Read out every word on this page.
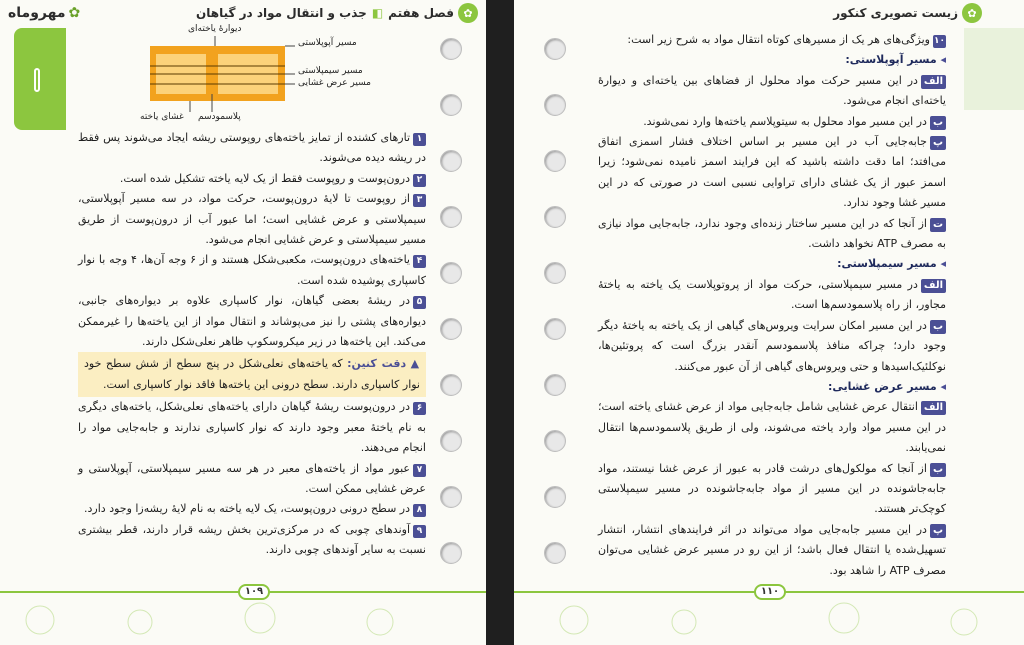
✿
فصل هفتم
◧
جذب و انتقال مواد در گیاهان
✿
مهروماه
دیوارهٔ یاخته‌ای
مسیر آپوپلاستی
مسیر سیمپلاستی
مسیر عرض غشایی
غشای یاخته پلاسمودسم

۱تارهای کشنده از تمایز یاخته‌های روپوستی ریشه ایجاد می‌شوند پس فقط در ریشه دیده می‌شوند.

۲درون‌پوست و روپوست فقط از یک لایه یاخته تشکیل شده است.

۳از روپوست تا لایهٔ درون‌پوست، حرکت مواد، در سه مسیر آپوپلاستی، سیمپلاستی و عرض غشایی است؛ اما عبور آب از درون‌پوست از طریق مسیر سیمپلاستی و عرض غشایی انجام می‌شود.

۴یاخته‌های درون‌پوست، مکعبی‌شکل هستند و از ۶ وجه آن‌ها، ۴ وجه با نوار کاسپاری پوشیده شده است.

۵در ریشهٔ بعضی گیاهان، نوار کاسپاری علاوه بر دیواره‌های جانبی، دیواره‌های پشتی را نیز می‌پوشاند و انتقال مواد از این یاخته‌ها را غیرممکن می‌کند. این یاخته‌ها در زیر میکروسکوپ ظاهر نعلی‌شکل دارند.

▲ دقت کنین: که یاخته‌های نعلی‌شکل در پنج سطح از شش سطح خود نوار کاسپاری دارند. سطح درونی این یاخته‌ها فاقد نوار کاسپاری است.

۶در درون‌پوست ریشهٔ گیاهان دارای یاخته‌های نعلی‌شکل، یاخته‌های دیگری به نام یاختهٔ معبر وجود دارند که نوار کاسپاری ندارند و جابه‌جایی مواد را انجام می‌دهند.

۷عبور مواد از یاخته‌های معبر در هر سه مسیر سیمپلاستی، آپوپلاستی و عرض غشایی ممکن است.

۸در سطح درونی درون‌پوست، یک لایه یاخته به نام لایهٔ ریشه‌زا وجود دارد.

۹آوندهای چوبی که در مرکزی‌ترین بخش ریشه قرار دارند، قطر بیشتری نسبت به سایر آوندهای چوبی دارند.

۱۰۹
✿
زیست تصویری کنکور

۱۰ویژگی‌های هر یک از مسیرهای کوتاه انتقال مواد به شرح زیر است:

◂ مسیر آپوپلاستی:

الفدر این مسیر حرکت مواد محلول از فضاهای بین یاخته‌ای و دیوارهٔ یاخته‌ای انجام می‌شود.

بدر این مسیر مواد محلول به سیتوپلاسم یاخته‌ها وارد نمی‌شوند.

پجابه‌جایی آب در این مسیر بر اساس اختلاف فشار اسمزی اتفاق می‌افتد؛ اما دقت داشته باشید که این فرایند اسمز نامیده نمی‌شود؛ زیرا اسمز عبور از یک غشای دارای تراوایی نسبی است در صورتی که در این مسیر غشا وجود ندارد.

تاز آنجا که در این مسیر ساختار زنده‌ای وجود ندارد، جابه‌جایی مواد نیازی به مصرف ATP نخواهد داشت.

◂ مسیر سیمپلاستی:

الفدر مسیر سیمپلاستی، حرکت مواد از پروتوپلاست یک یاخته به یاختهٔ مجاور، از راه پلاسمودسم‌ها است.

بدر این مسیر امکان سرایت ویروس‌های گیاهی از یک یاخته به یاختهٔ دیگر وجود دارد؛ چراکه منافذ پلاسمودسم آنقدر بزرگ است که پروتئین‌ها، نوکلئیک‌اسیدها و حتی ویروس‌های گیاهی از آن عبور می‌کنند.

◂ مسیر عرض غشایی:

الفانتقال عرض غشایی شامل جابه‌جایی مواد از عرض غشای یاخته است؛ در این مسیر مواد وارد یاخته می‌شوند، ولی از طریق پلاسمودسم‌ها انتقال نمی‌یابند.

باز آنجا که مولکول‌های درشت قادر به عبور از عرض غشا نیستند، مواد جابه‌جاشونده در این مسیر از مواد جابه‌جاشونده در مسیر سیمپلاستی کوچک‌تر هستند.

پدر این مسیر جابه‌جایی مواد می‌تواند در اثر فرایندهای انتشار، انتشار تسهیل‌شده یا انتقال فعال باشد؛ از این رو در مسیر عرض غشایی می‌توان مصرف ATP را شاهد بود.

۱۱۰
